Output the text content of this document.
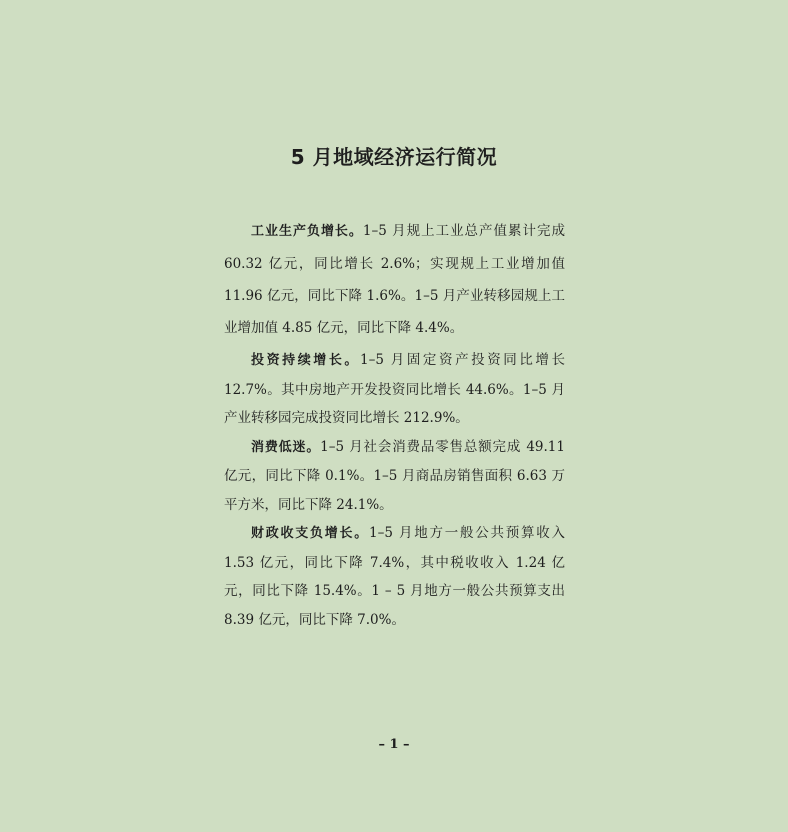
5 月地域经济运行简况

工业生产负增长。1–5 月规上工业总产值累计完成 60.32 亿元，同比增长 2.6%；实现规上工业增加值 11.96 亿元，同比下降 1.6%。1–5 月产业转移园规上工业增加值 4.85 亿元，同比下降 4.4%。

投资持续增长。1–5 月固定资产投资同比增长 12.7%。其中房地产开发投资同比增长 44.6%。1–5 月产业转移园完成投资同比增长 212.9%。

消费低迷。1–5 月社会消费品零售总额完成 49.11 亿元，同比下降 0.1%。1–5 月商品房销售面积 6.63 万平方米，同比下降 24.1%。

财政收支负增长。1–5 月地方一般公共预算收入 1.53 亿元，同比下降 7.4%，其中税收收入 1.24 亿元，同比下降 15.4%。1 – 5 月地方一般公共预算支出 8.39 亿元，同比下降 7.0%。

– 1 –
